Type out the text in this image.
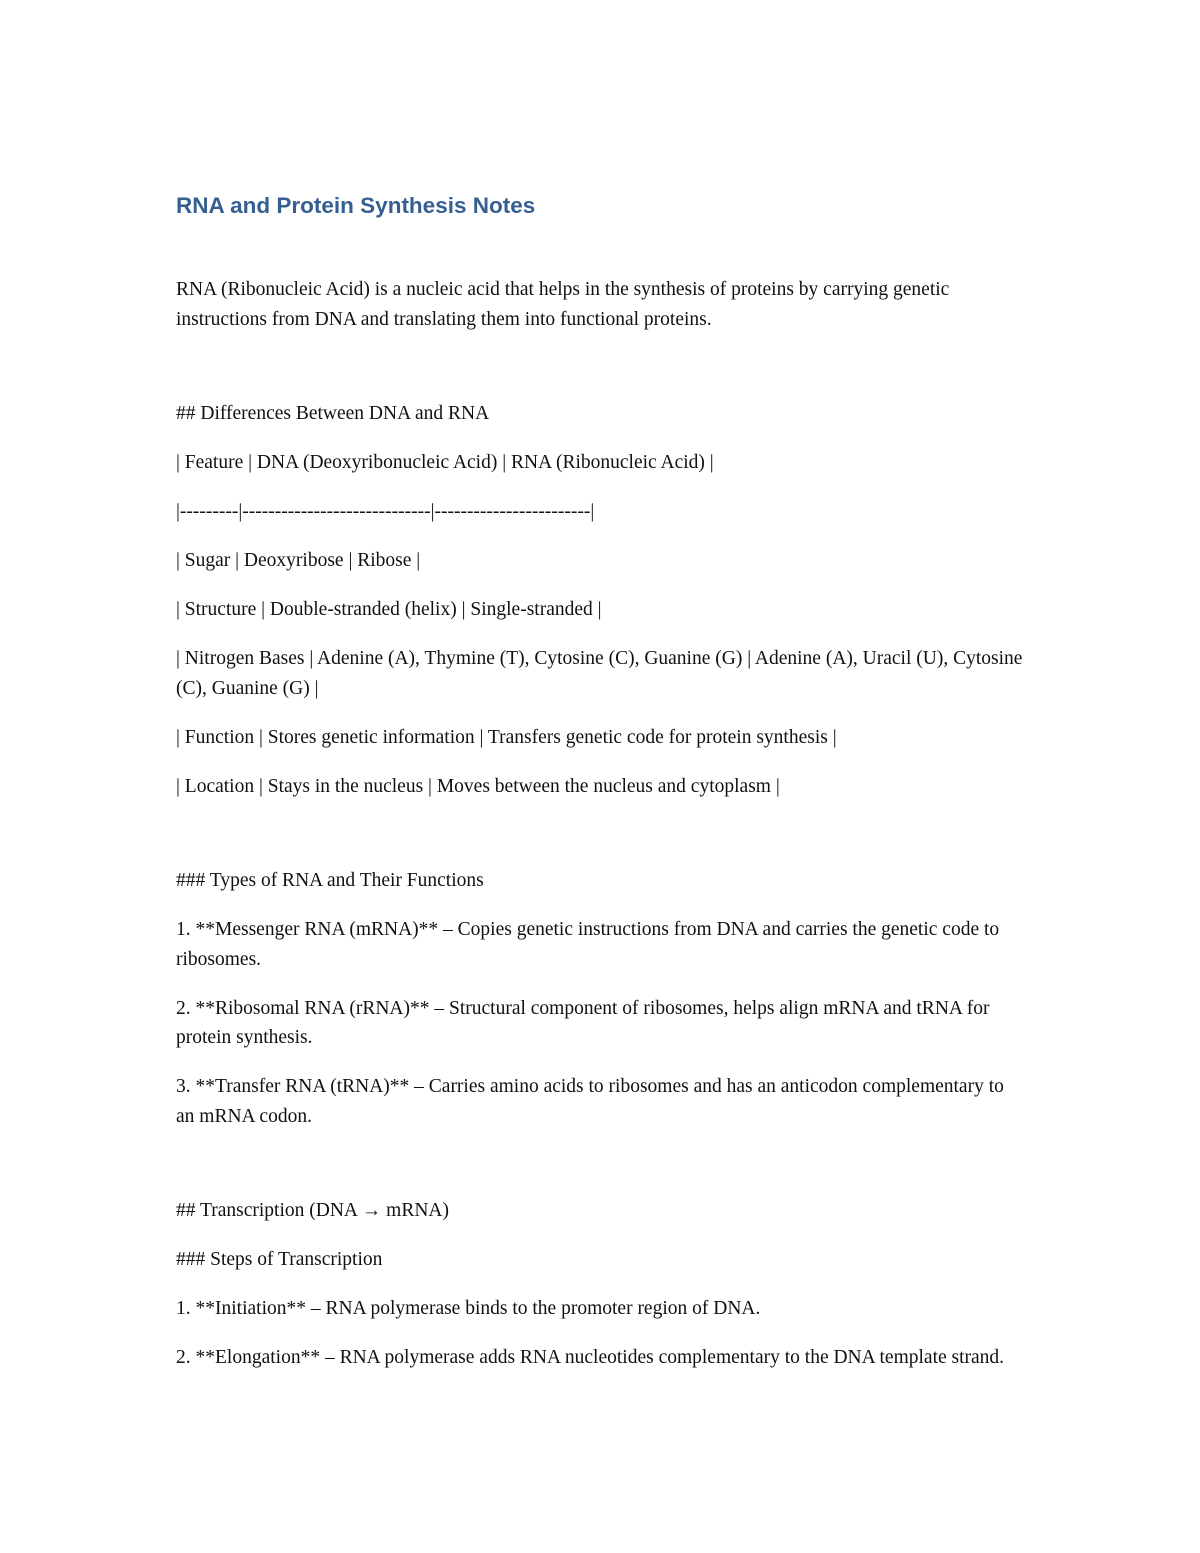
RNA and Protein Synthesis Notes

RNA (Ribonucleic Acid) is a nucleic acid that helps in the synthesis of proteins by carrying genetic instructions from DNA and translating them into functional proteins.

## Differences Between DNA and RNA

| Feature | DNA (Deoxyribonucleic Acid) | RNA (Ribonucleic Acid) |

|---------|-----------------------------|------------------------|

| Sugar | Deoxyribose | Ribose |

| Structure | Double-stranded (helix) | Single-stranded |

| Nitrogen Bases | Adenine (A), Thymine (T), Cytosine (C), Guanine (G) | Adenine (A), Uracil (U), Cytosine (C), Guanine (G) |

| Function | Stores genetic information | Transfers genetic code for protein synthesis |

| Location | Stays in the nucleus | Moves between the nucleus and cytoplasm |

### Types of RNA and Their Functions

1. **Messenger RNA (mRNA)** – Copies genetic instructions from DNA and carries the genetic code to ribosomes.

2. **Ribosomal RNA (rRNA)** – Structural component of ribosomes, helps align mRNA and tRNA for protein synthesis.

3. **Transfer RNA (tRNA)** – Carries amino acids to ribosomes and has an anticodon complementary to an mRNA codon.

## Transcription (DNA → mRNA)

### Steps of Transcription

1. **Initiation** – RNA polymerase binds to the promoter region of DNA.

2. **Elongation** – RNA polymerase adds RNA nucleotides complementary to the DNA template strand.
